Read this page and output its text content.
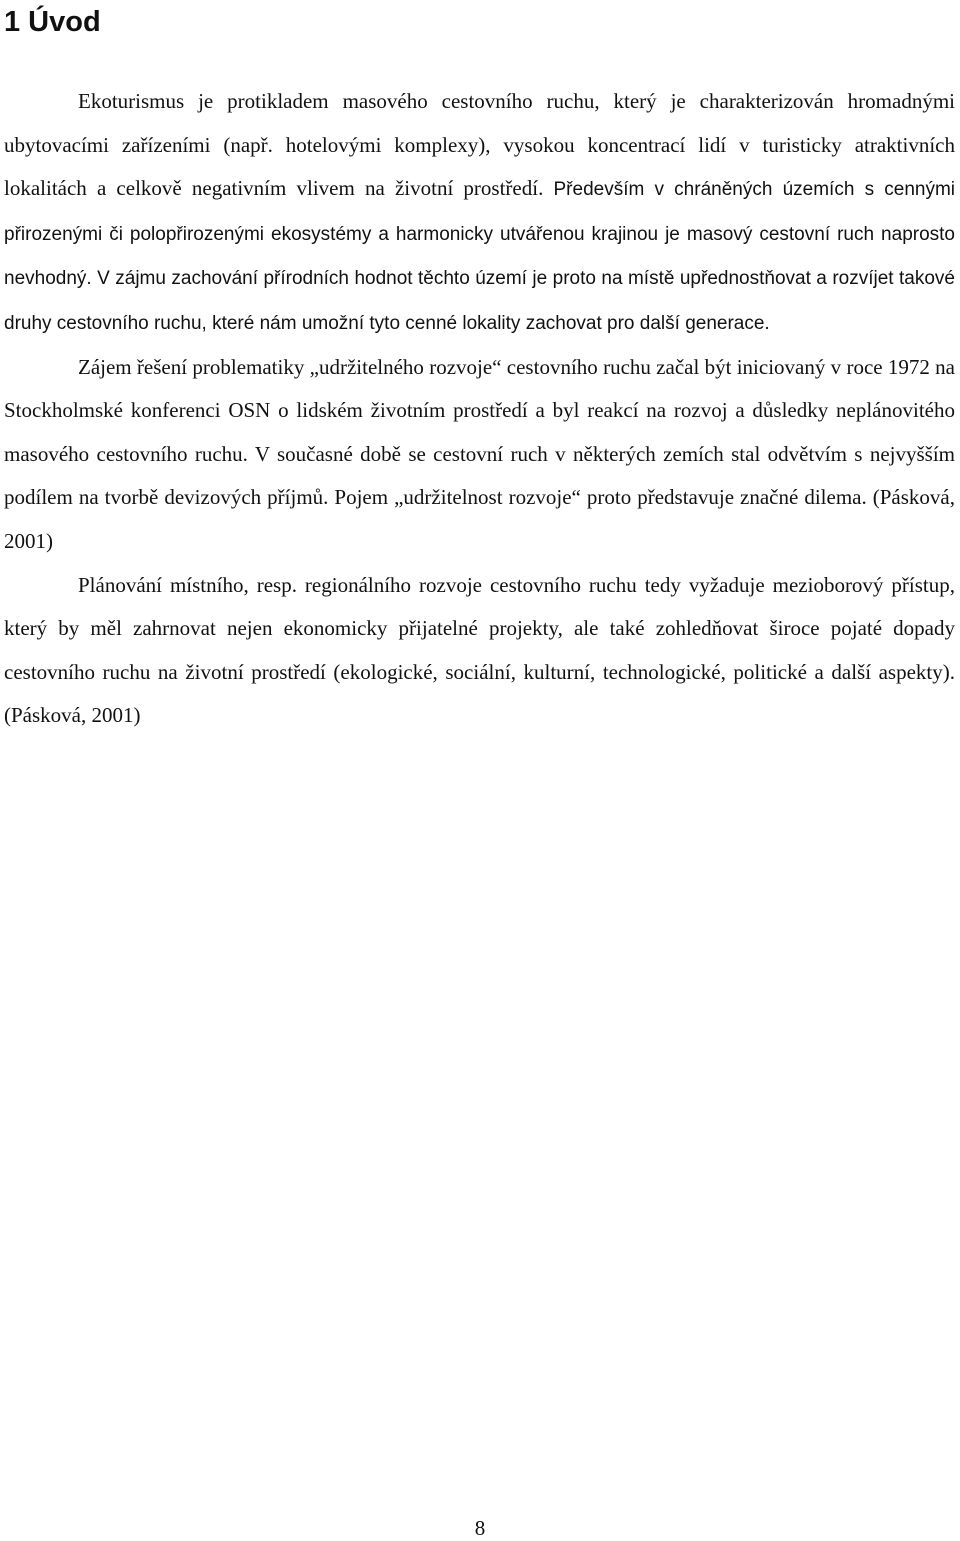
1 Úvod

Ekoturismus je protikladem masového cestovního ruchu, který je charakterizován hromadnými ubytovacími zařízeními (např. hotelovými komplexy), vysokou koncentrací lidí v turisticky atraktivních lokalitách a celkově negativním vlivem na životní prostředí. Především v chráněných územích s cennými přirozenými či polopřirozenými ekosystémy a harmonicky utvářenou krajinou je masový cestovní ruch naprosto nevhodný. V zájmu zachování přírodních hodnot těchto území je proto na místě upřednostňovat a rozvíjet takové druhy cestovního ruchu, které nám umožní tyto cenné lokality zachovat pro další generace.

Zájem řešení problematiky „udržitelného rozvoje“ cestovního ruchu začal být iniciovaný v roce 1972 na Stockholmské konferenci OSN o lidském životním prostředí a byl reakcí na rozvoj a důsledky neplánovitého masového cestovního ruchu. V současné době se cestovní ruch v některých zemích stal odvětvím s nejvyšším podílem na tvorbě devizových příjmů. Pojem „udržitelnost rozvoje“ proto představuje značné dilema. (Pásková, 2001)

Plánování místního, resp. regionálního rozvoje cestovního ruchu tedy vyžaduje mezioborový přístup, který by měl zahrnovat nejen ekonomicky přijatelné projekty, ale také zohledňovat široce pojaté dopady cestovního ruchu na životní prostředí (ekologické, sociální, kulturní, technologické, politické a další aspekty). (Pásková, 2001)

8
